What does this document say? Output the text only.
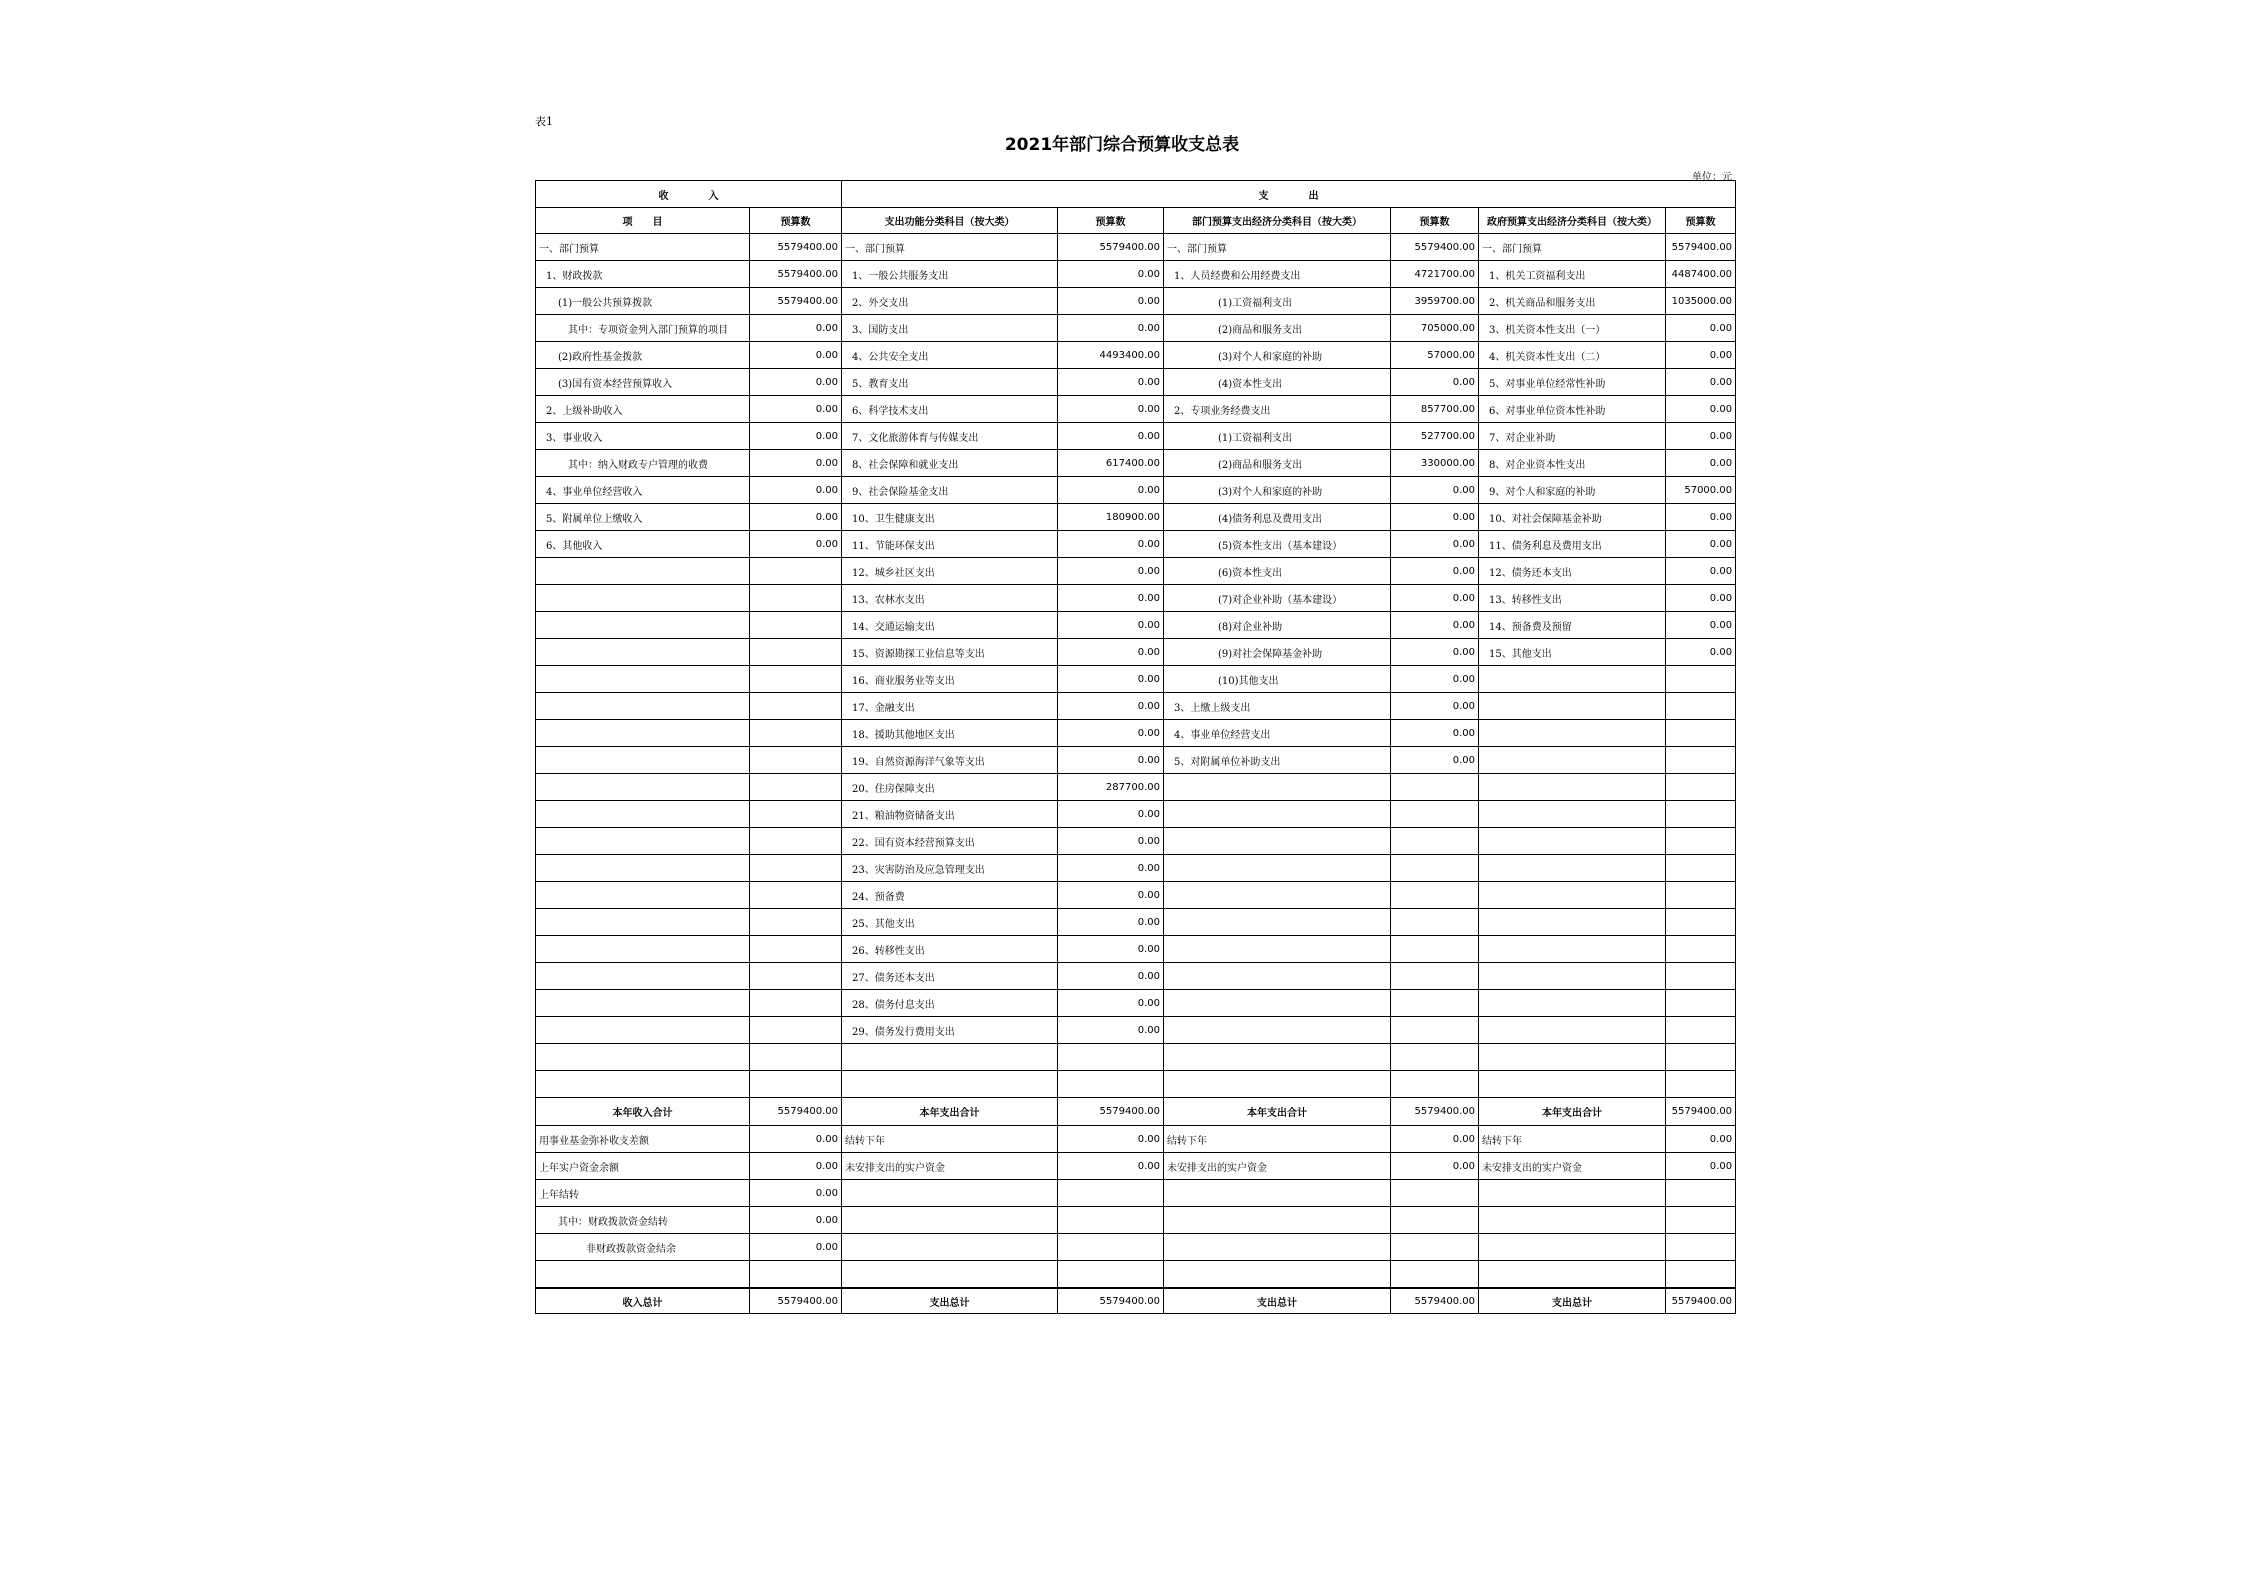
表1
2021年部门综合预算收支总表
单位：元
收　　　　入		支　　　　出					
项　　目	预算数	支出功能分类科目（按大类）	预算数	部门预算支出经济分类科目（按大类）	预算数	政府预算支出经济分类科目（按大类）	预算数
一、部门预算	5579400.00	一、部门预算	5579400.00	一、部门预算	5579400.00	一、部门预算	5579400.00
1、财政拨款	5579400.00	1、一般公共服务支出	0.00	1、人员经费和公用经费支出	4721700.00	1、机关工资福利支出	4487400.00
(1)一般公共预算拨款	5579400.00	2、外交支出	0.00	(1)工资福利支出	3959700.00	2、机关商品和服务支出	1035000.00
其中：专项资金列入部门预算的项目	0.00	3、国防支出	0.00	(2)商品和服务支出	705000.00	3、机关资本性支出（一）	0.00
(2)政府性基金拨款	0.00	4、公共安全支出	4493400.00	(3)对个人和家庭的补助	57000.00	4、机关资本性支出（二）	0.00
(3)国有资本经营预算收入	0.00	5、教育支出	0.00	(4)资本性支出	0.00	5、对事业单位经常性补助	0.00
2、上级补助收入	0.00	6、科学技术支出	0.00	2、专项业务经费支出	857700.00	6、对事业单位资本性补助	0.00
3、事业收入	0.00	7、文化旅游体育与传媒支出	0.00	(1)工资福利支出	527700.00	7、对企业补助	0.00
其中：纳入财政专户管理的收费	0.00	8、社会保障和就业支出	617400.00	(2)商品和服务支出	330000.00	8、对企业资本性支出	0.00
4、事业单位经营收入	0.00	9、社会保险基金支出	0.00	(3)对个人和家庭的补助	0.00	9、对个人和家庭的补助	57000.00
5、附属单位上缴收入	0.00	10、卫生健康支出	180900.00	(4)债务利息及费用支出	0.00	10、对社会保障基金补助	0.00
6、其他收入	0.00	11、节能环保支出	0.00	(5)资本性支出（基本建设）	0.00	11、债务利息及费用支出	0.00
		12、城乡社区支出	0.00	(6)资本性支出	0.00	12、债务还本支出	0.00
		13、农林水支出	0.00	(7)对企业补助（基本建设）	0.00	13、转移性支出	0.00
		14、交通运输支出	0.00	(8)对企业补助	0.00	14、预备费及预留	0.00
		15、资源勘探工业信息等支出	0.00	(9)对社会保障基金补助	0.00	15、其他支出	0.00
		16、商业服务业等支出	0.00	(10)其他支出	0.00		
		17、金融支出	0.00	3、上缴上级支出	0.00		
		18、援助其他地区支出	0.00	4、事业单位经营支出	0.00		
		19、自然资源海洋气象等支出	0.00	5、对附属单位补助支出	0.00		
		20、住房保障支出	287700.00				
		21、粮油物资储备支出	0.00				
		22、国有资本经营预算支出	0.00				
		23、灾害防治及应急管理支出	0.00				
		24、预备费	0.00				
		25、其他支出	0.00				
		26、转移性支出	0.00				
		27、债务还本支出	0.00				
		28、债务付息支出	0.00				
		29、债务发行费用支出	0.00				

本年收入合计	5579400.00	本年支出合计	5579400.00	本年支出合计	5579400.00	本年支出合计	5579400.00
用事业基金弥补收支差额	0.00	结转下年	0.00	结转下年	0.00	结转下年	0.00
上年实户资金余额	0.00	未安排支出的实户资金	0.00	未安排支出的实户资金	0.00	未安排支出的实户资金	0.00
上年结转	0.00						
其中：财政拨款资金结转	0.00						
非财政拨款资金结余	0.00						

收入总计	5579400.00	支出总计	5579400.00	支出总计	5579400.00	支出总计	5579400.00
